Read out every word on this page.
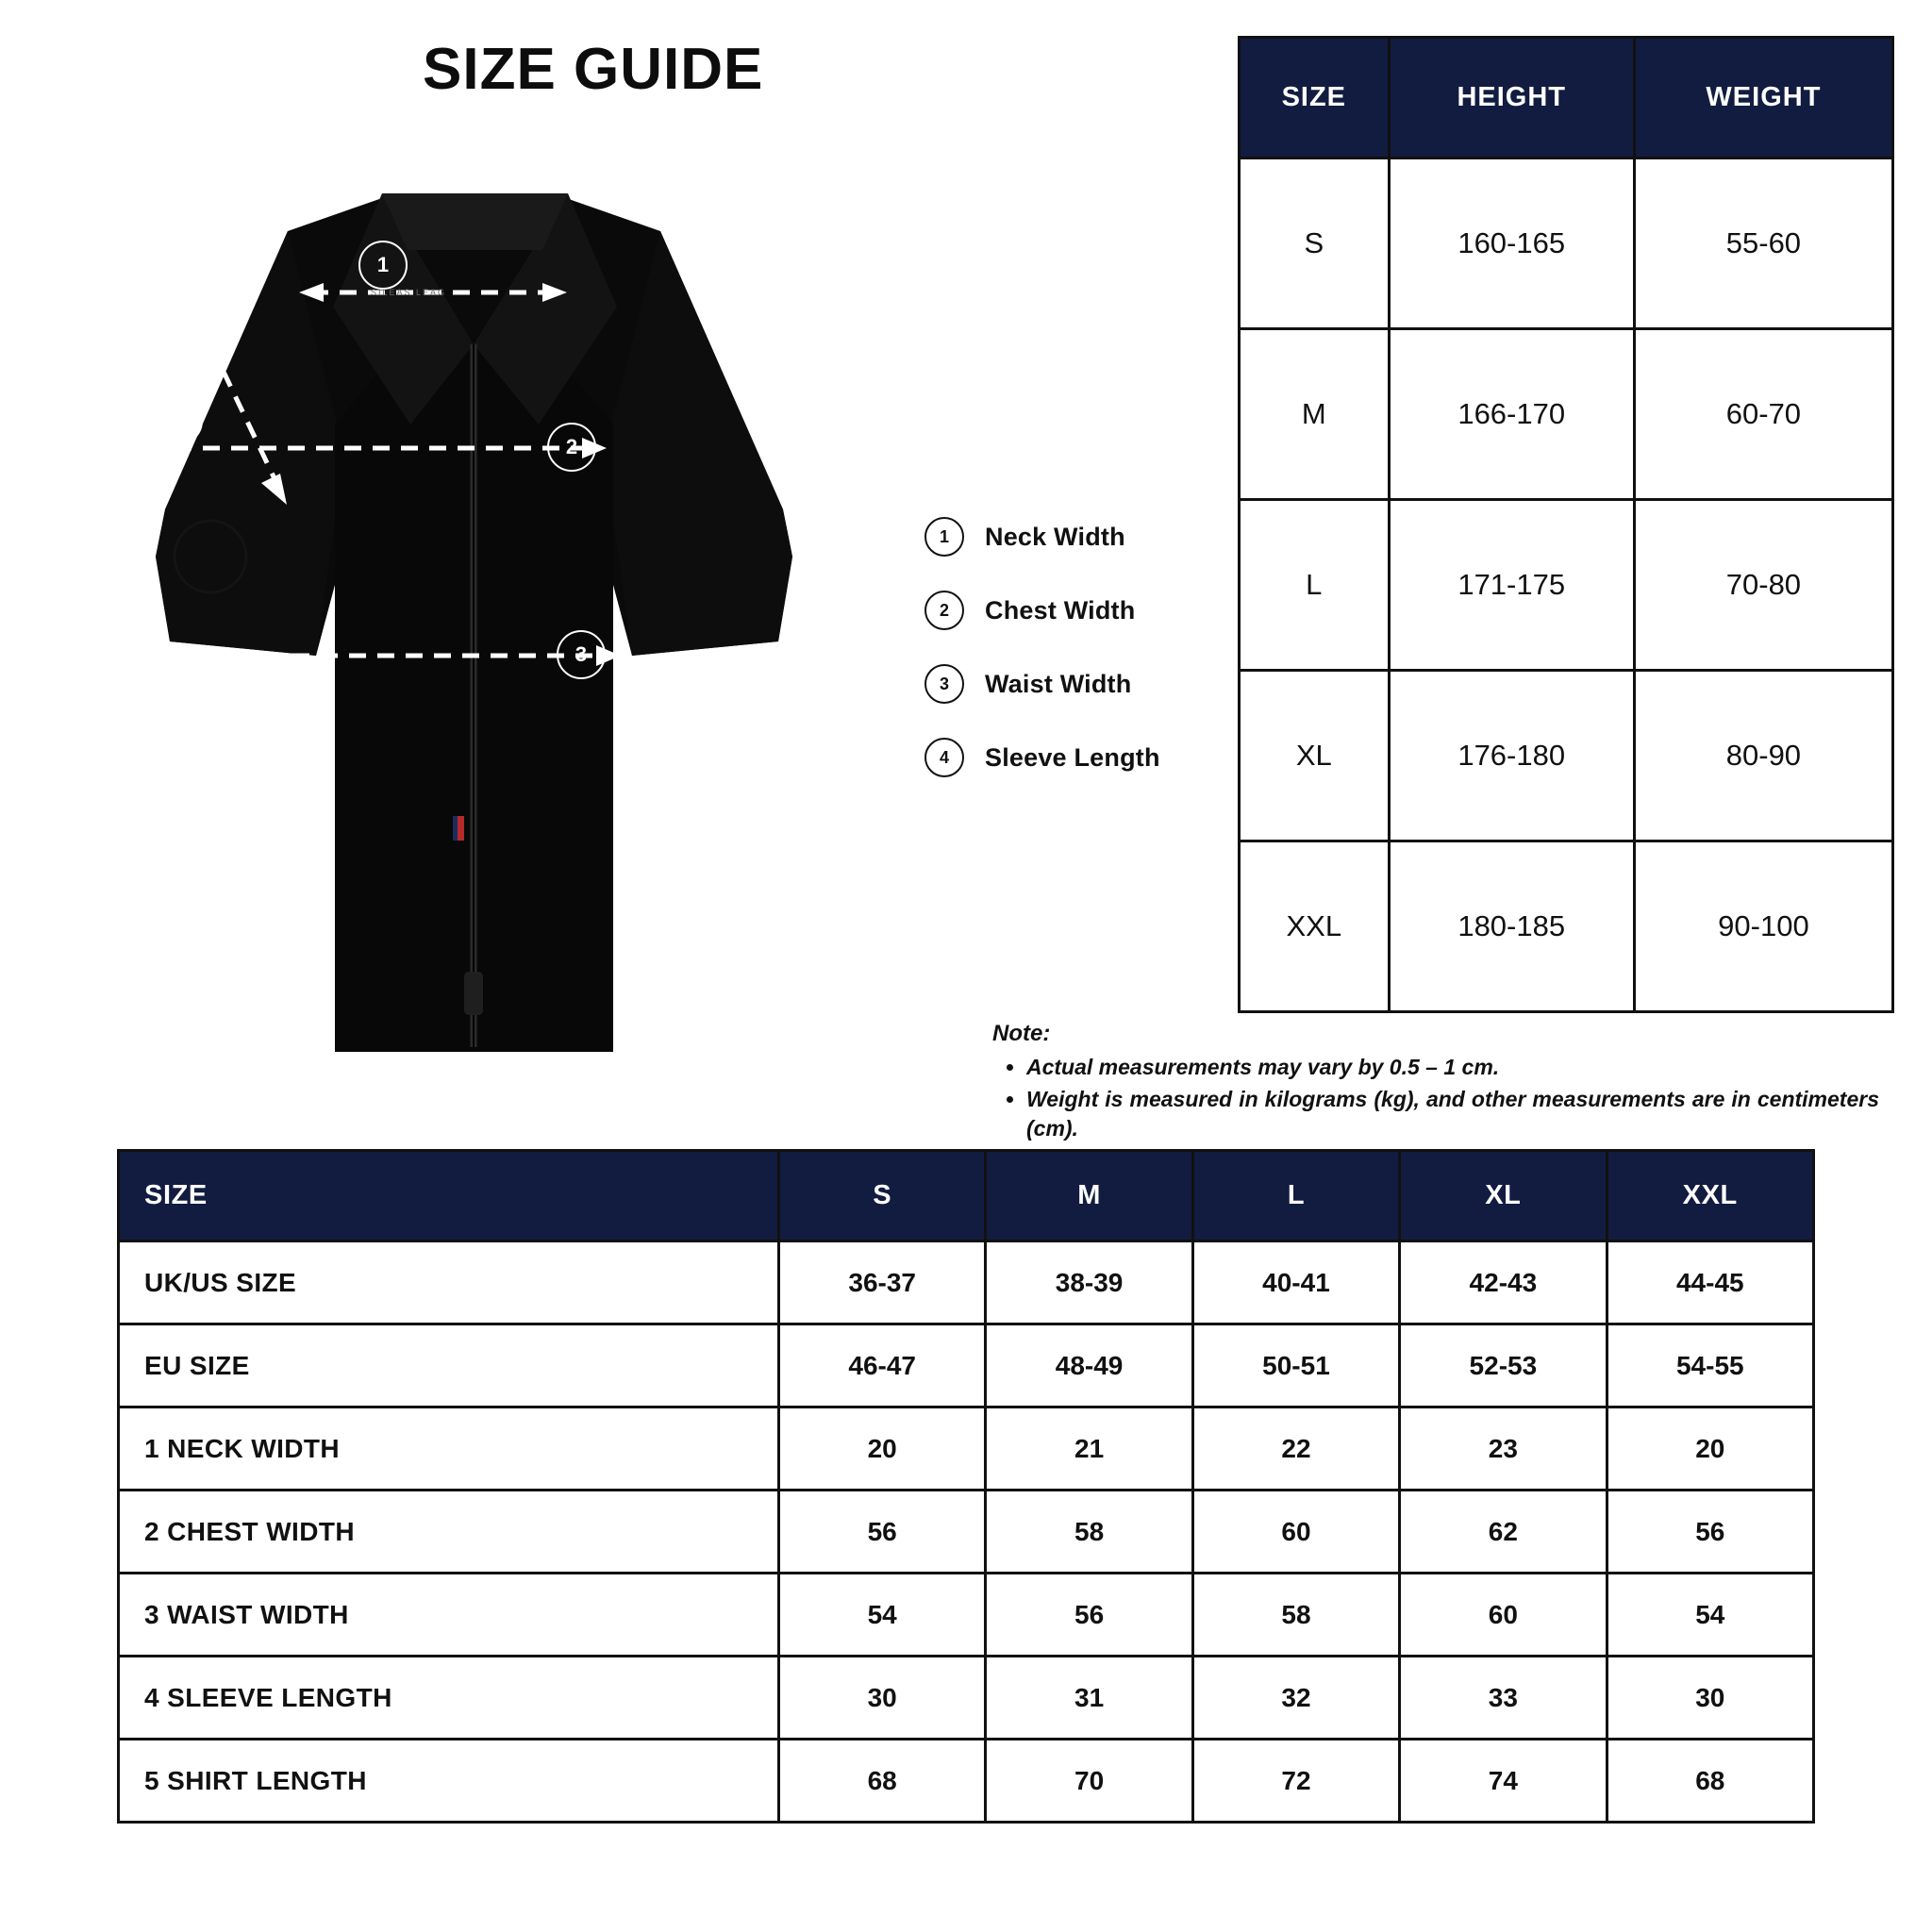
SIZE GUIDE
1
2
3
4
SILEAS LEAG
1	Neck Width
2	Chest Width
3	Waist Width
4	Sleeve Length
SIZE	HEIGHT	WEIGHT
S	160-165	55-60
M	166-170	60-70
L	171-175	70-80
XL	176-180	80-90
XXL	180-185	90-100
Note:
• Actual measurements may vary by 0.5 – 1 cm.
• Weight is measured in kilograms (kg), and other measurements are in centimeters (cm).
SIZE	S	M	L	XL	XXL
UK/US SIZE	36-37	38-39	40-41	42-43	44-45
EU SIZE	46-47	48-49	50-51	52-53	54-55
1 NECK WIDTH	20	21	22	23	20
2 CHEST WIDTH	56	58	60	62	56
3 WAIST WIDTH	54	56	58	60	54
4 SLEEVE LENGTH	30	31	32	33	30
5 SHIRT LENGTH	68	70	72	74	68
